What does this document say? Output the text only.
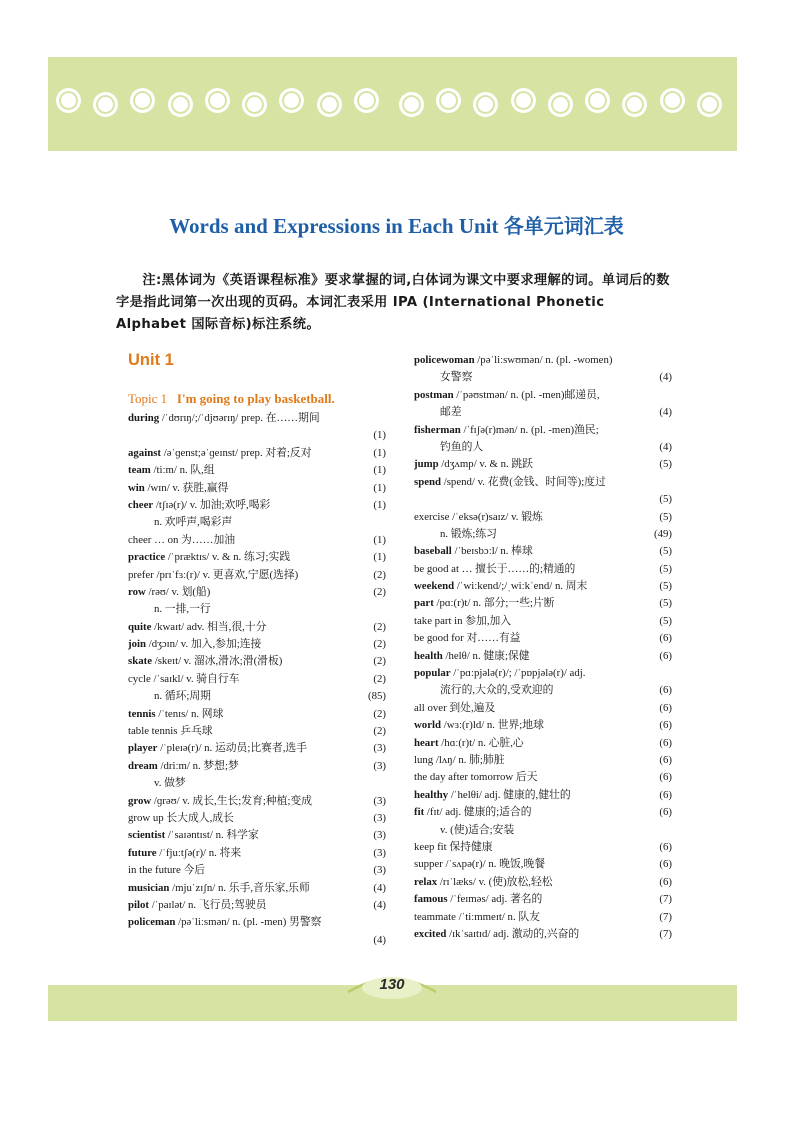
Words and Expressions in Each Unit 各单元词汇表
注:黑体词为《英语课程标准》要求掌握的词,白体词为课文中要求理解的词。单词后的数字是指此词第一次出现的页码。本词汇表采用 IPA (International Phonetic Alphabet 国际音标)标注系统。
Unit 1
Topic 1 I'm going to play basketball.
during /ˈdʊrɪŋ/;/ˈdjʊərɪŋ/ prep. 在……期间
(1)
against /əˈɡenst;əˈɡeɪnst/ prep. 对着;反对	(1)
team /tiːm/ n. 队,组	(1)
win /wɪn/ v. 获胜,赢得	(1)
cheer /tʃɪə(r)/ v. 加油;欢呼,喝彩	(1)
n. 欢呼声,喝彩声
cheer … on 为……加油	(1)
practice /ˈpræktɪs/ v. & n. 练习;实践	(1)
prefer /prɪˈfɜː(r)/ v. 更喜欢,宁愿(选择)	(2)
row /rəʊ/ v. 划(船)	(2)
n. 一排,一行
quite /kwaɪt/ adv. 相当,很,十分	(2)
join /dʒɔɪn/ v. 加入,参加;连接	(2)
skate /skeɪt/ v. 溜冰,滑冰;滑(滑板)	(2)
cycle /ˈsaɪkl/ v. 骑自行车	(2)
n. 循环;周期	(85)
tennis /ˈtenɪs/ n. 网球	(2)
table tennis 乒乓球	(2)
player /ˈpleɪə(r)/ n. 运动员;比赛者,选手	(3)
dream /driːm/ n. 梦想;梦	(3)
v. 做梦
grow /ɡrəʊ/ v. 成长,生长;发育;种植;变成	(3)
grow up 长大成人,成长	(3)
scientist /ˈsaɪəntɪst/ n. 科学家	(3)
future /ˈfjuːtʃə(r)/ n. 将来	(3)
in the future 今后	(3)
musician /mjuˈzɪʃn/ n. 乐手,音乐家,乐师	(4)
pilot /ˈpaɪlət/ n. 飞行员;驾驶员	(4)
policeman /pəˈliːsmən/ n. (pl. -men) 男警察
(4)
policewoman /pəˈliːswʊmən/ n. (pl. -women)
女警察	(4)
postman /ˈpəʊstmən/ n. (pl. -men)邮递员,
邮差	(4)
fisherman /ˈfɪʃə(r)mən/ n. (pl. -men)渔民;
钓鱼的人	(4)
jump /dʒʌmp/ v. & n. 跳跃	(5)
spend /spend/ v. 花费(金钱、时间等);度过
(5)
exercise /ˈeksə(r)saɪz/ v. 锻炼	(5)
n. 锻炼;练习	(49)
baseball /ˈbeɪsbɔːl/ n. 棒球	(5)
be good at … 擅长于……的;精通的	(5)
weekend /ˈwiːkend/;/ˌwiːkˈend/ n. 周末	(5)
part /pɑː(r)t/ n. 部分;一些;片断	(5)
take part in 参加,加入	(5)
be good for 对……有益	(6)
health /helθ/ n. 健康;保健	(6)
popular /ˈpɑːpjələ(r)/; /ˈpɒpjələ(r)/ adj.
流行的,大众的,受欢迎的	(6)
all over 到处,遍及	(6)
world /wɜː(r)ld/ n. 世界;地球	(6)
heart /hɑː(r)t/ n. 心脏,心	(6)
lung /lʌŋ/ n. 肺;肺脏	(6)
the day after tomorrow 后天	(6)
healthy /ˈhelθi/ adj. 健康的,健壮的	(6)
fit /fɪt/ adj. 健康的;适合的	(6)
v. (使)适合;安装
keep fit 保持健康	(6)
supper /ˈsʌpə(r)/ n. 晚饭,晚餐	(6)
relax /rɪˈlæks/ v. (使)放松,轻松	(6)
famous /ˈfeɪməs/ adj. 著名的	(7)
teammate /ˈtiːmmeɪt/ n. 队友	(7)
excited /ɪkˈsaɪtɪd/ adj. 激动的,兴奋的	(7)
130
